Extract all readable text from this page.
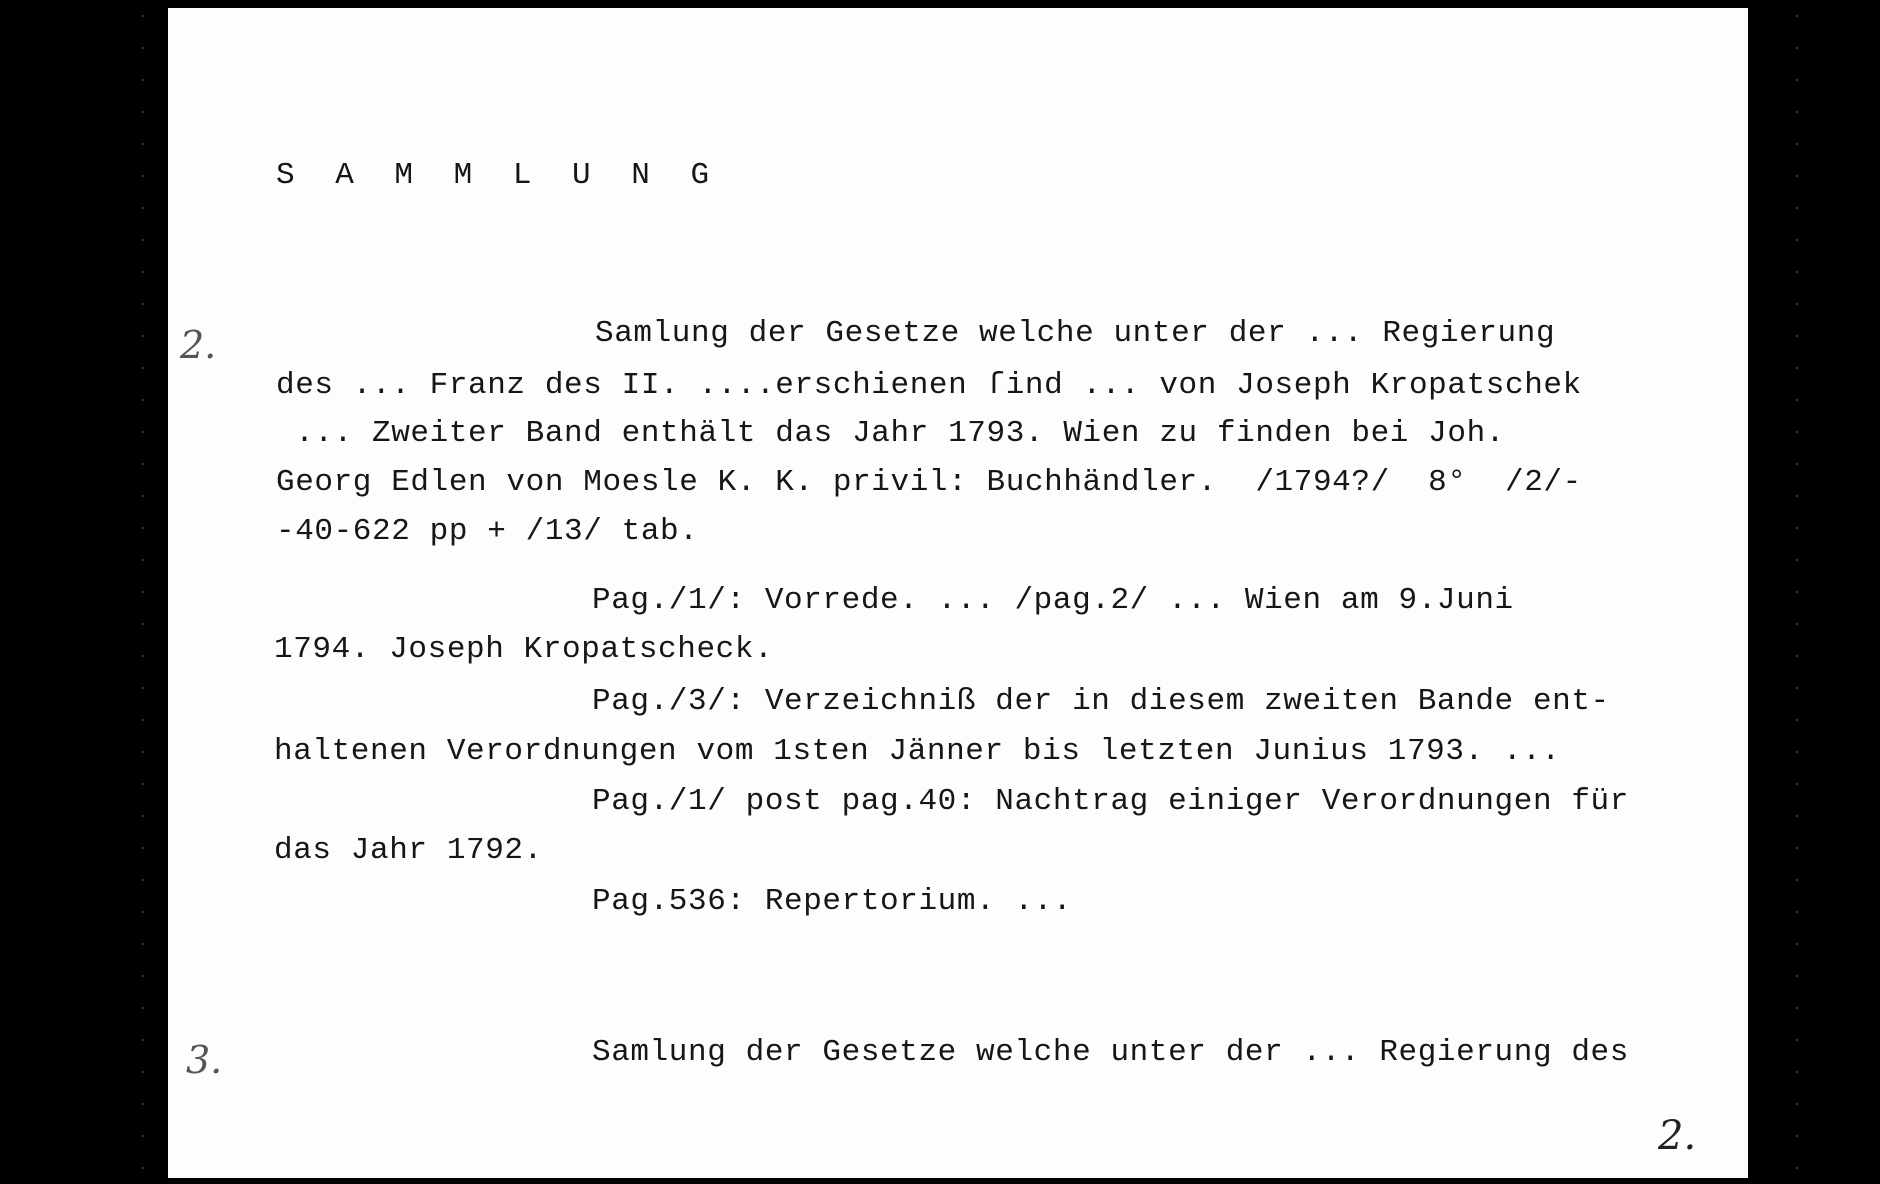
S A M M L U N G
2.	Samlung der Gesetze welche unter der ... Regierung
des ... Franz des II. ....erschienen ſind ... von Joseph Kropatschek
... Zweiter Band enthält das Jahr 1793. Wien zu finden bei Joh.
Georg Edlen von Moesle K. K. privil: Buchhändler.  /1794?/  8°  /2/-
-40-622 pp + /13/ tab.
Pag./1/: Vorrede. ... /pag.2/ ... Wien am 9.Juni
1794. Joseph Kropatscheck.
Pag./3/: Verzeichniß der in diesem zweiten Bande ent-
haltenen Verordnungen vom 1sten Jänner bis letzten Junius 1793. ...
Pag./1/ post pag.40: Nachtrag einiger Verordnungen für
das Jahr 1792.
Pag.536: Repertorium. ...
3.	Samlung der Gesetze welche unter der ... Regierung des
2.
